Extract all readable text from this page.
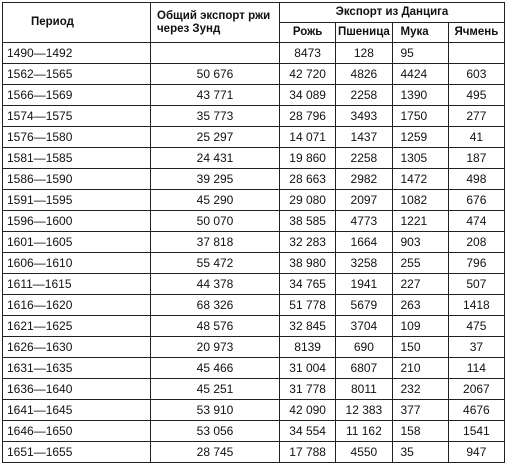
Период	Общий экспорт ржи через Зунд	Экспорт из Данцига			
		Рожь	Пшеница	Мука	Ячмень
1490—1492		8473	128	95	
1562—1565	50 676	42 720	4826	4424	603
1566—1569	43 771	34 089	2258	1390	495
1574—1575	35 773	28 796	3493	1750	277
1576—1580	25 297	14 071	1437	1259	41
1581—1585	24 431	19 860	2258	1305	187
1586—1590	39 295	28 663	2982	1472	498
1591—1595	45 290	29 080	2097	1082	676
1596—1600	50 070	38 585	4773	1221	474
1601—1605	37 818	32 283	1664	903	208
1606—1610	55 472	38 980	3258	255	796
1611—1615	44 378	34 765	1941	227	507
1616—1620	68 326	51 778	5679	263	1418
1621—1625	48 576	32 845	3704	109	475
1626—1630	20 973	8139	690	150	37
1631—1635	45 466	31 004	6807	210	114
1636—1640	45 251	31 778	8011	232	2067
1641—1645	53 910	42 090	12 383	377	4676
1646—1650	53 056	34 554	11 162	158	1541
1651—1655	28 745	17 788	4550	35	947
